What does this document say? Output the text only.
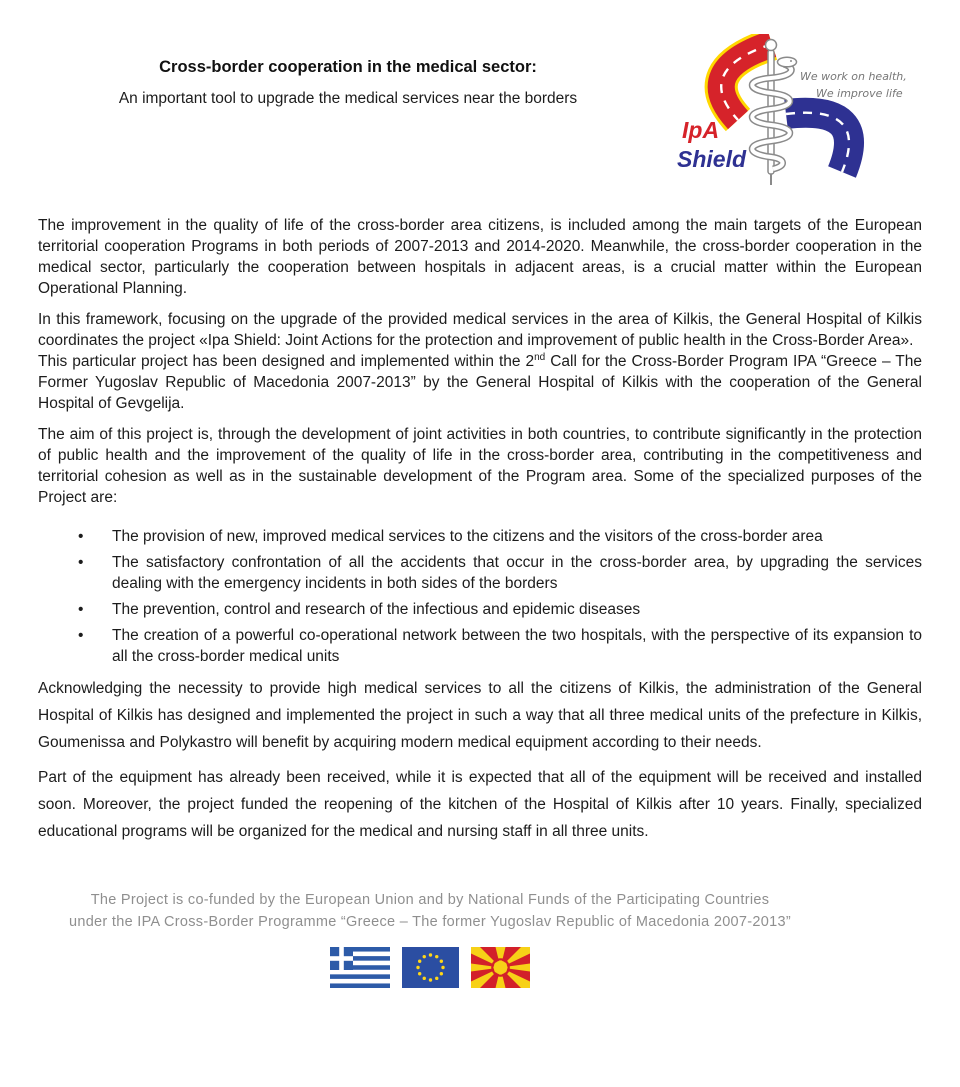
Cross-border cooperation in the medical sector:

An important tool to upgrade the medical services near the borders

IpA
Shield
We work on health,
We improve life

The improvement in the quality of life of the cross-border area citizens, is included among the main targets of the European territorial cooperation Programs in both periods of 2007-2013 and 2014-2020. Meanwhile, the cross-border cooperation in the medical sector, particularly the cooperation between hospitals in adjacent areas, is a crucial matter within the European Operational Planning.

In this framework, focusing on the upgrade of the provided medical services in the area of Kilkis, the General Hospital of Kilkis coordinates the project «Ipa Shield: Joint Actions for the protection and improvement of public health in the Cross-Border Area».

This particular project has been designed and implemented within the 2nd Call for the Cross-Border Program IPA “Greece – The Former Yugoslav Republic of Macedonia 2007-2013” by the General Hospital of Kilkis with the cooperation of the General Hospital of Gevgelija.

The aim of this project is, through the development of joint activities in both countries, to contribute significantly in the protection of public health and the improvement of the quality of life in the cross-border area, contributing in the competitiveness and territorial cohesion as well as in the sustainable development of the Program area. Some of the specialized purposes of the Project are:

•	The provision of new, improved medical services to the citizens and the visitors of the cross-border area
•	The satisfactory confrontation of all the accidents that occur in the cross-border area, by upgrading the services dealing with the emergency incidents in both sides of the borders
•	The prevention, control and research of the infectious and epidemic diseases
•	The creation of a powerful co-operational network between the two hospitals, with the perspective of its expansion to all the cross-border medical units

Acknowledging the necessity to provide high medical services to all the citizens of Kilkis, the administration of the General Hospital of Kilkis has designed and implemented the project in such a way that all three medical units of the prefecture in Kilkis, Goumenissa and Polykastro will benefit by acquiring modern medical equipment according to their needs.

Part of the equipment has already been received, while it is expected that all of the equipment will be received and installed soon. Moreover, the project funded the reopening of the kitchen of the Hospital of Kilkis after 10 years. Finally, specialized educational programs will be organized for the medical and nursing staff in all three units.

The Project is co-funded by the European Union and by National Funds of the Participating Countries

under the IPA Cross-Border Programme “Greece – The former Yugoslav Republic of Macedonia 2007-2013”
